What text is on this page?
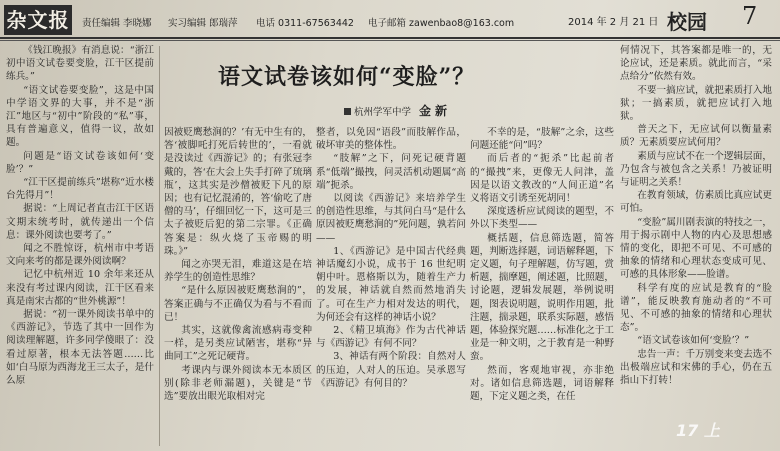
杂文报 责任编辑 李晓娜 实习编辑 郎瑞萍 电话 0311-67563442 电子邮箱 zawenbao8@163.com	2014 年 2 月 21 日 校园 7

《钱江晚报》有消息说：“浙江初中语文试卷要变脸，江干区提前练兵。”

“语文试卷要变脸”，这是中国中学语文界的大事，并不是“浙江”地区与“初中”阶段的“私”事，具有普遍意义，值得一议，故如题。

问题是“语文试卷该如何‘变脸’？”

“江干区提前练兵”堪称“近水楼台先得月”！

据说：“上周记者直击江干区语文期末统考时，就传递出一个信息：课外阅读也要考了。”

闻之不胜惊讶，杭州市中考语文向来考的都是课外阅读啊？

记忆中杭州近 10 余年来还从来没有考过课内阅读，江干区看来真是南宋古都的“世外桃源”！

据说：“初一课外阅读书单中的《西游记》，节选了其中一回作为阅读理解题，许多同学傻眼了：没看过原著，根本无法答题……比如‘白马原为西海龙王三太子，是什么原

语文试卷该如何“变脸”？
杭州学军中学 金新

因被贬鹰愁涧的？’有无中生有的，答‘被脚吒打死后转世的’，一看就是没读过《西游记》的；有张冠李戴的，答‘在大会上失手打碎了琉璃瓶’，这其实是沙僧被贬下凡的原因；也有记忆混淆的，答‘偷吃了唐僧的马’，仔细回忆一下，这可是三太子被贬后犯的第二宗罪。《正确答案是：纵火烧了玉帝赐的明珠。》”

闻之亦哭无泪，难道这是在培养学生的创造性思维？

“是什么原因被贬鹰愁涧的”，答案正确与不正确仅为看与不看而已！

其实，这就像禽流感病毒变种一样，是另类应试陋害，堪称“异曲同工”之死记硬背。

考课内与课外阅读本无本质区别(除非老师漏题)，关键是“节选”要放出眼光取相对完

整者，以免因“语段”而肢解作品，破坏审美的整体性。

“肢解”之下，问死记硬背题系“低端”撮拽，问灵活机动题属“高端”扼杀。

以阅读《西游记》来培养学生的创造性思维，与其问白马“是什么原因被贬鹰愁涧的”死问题，孰若问——

1、《西游记》是中国古代经典神话魔幻小说，成书于 16 世纪明朝中叶。恩格斯以为，随着生产力的发展，神话就自然而然地消失了。可在生产力相对发达的明代，为何还会有这样的神话小说？

2、《精卫填海》作为古代神话与《西游记》有何不同？

3、神话有两个阶段：自然对人的压迫，人对人的压迫。吴承恩写《西游记》有何目的？

不幸的是，“肢解”之余，这些问题还能“问”吗？

而后者的“扼杀”比起前者的“撮拽”来，更像无人问津，盖因是以语文教改的“人间正道”名义将语文引诱至死胡同！

深度透析应试阅读的题型，不外以下类型——

概括题，信息筛选题，简答题，判断选择题，词语解释题，下定义题，句子理解题，仿写题，赏析题，揣摩题，阐述题，比照题，讨论题，逻辑发展题，举例说明题，图表说明题，说明作用题，批注题，揣录题，联系实际题，感悟题，体验探究题……标准化之于工业是一种文明，之于教育是一种野蛮。

然而，客观地审视，亦非绝对。诸如信息筛选题，词语解释题，下定义题之类，在任

何情况下，其答案都是唯一的，无论应试，还是素质。就此而言，“采点给分”依然有效。

不要一搞应试，就把素质打入地狱；一搞素质，就把应试打入地狱。

普天之下，无应试何以衡量素质？无素质要应试何用？

素质与应试不在一个逻辑层面，乃包含与被包含之关系！乃被证明与证明之关系！

在教育领域，仿素质比真应试更可怕。

“变脸”属川剧表演的特技之一，用于揭示剧中人物的内心及思想感情的变化，即把不可见、不可感的抽象的情绪和心理状态变成可见、可感的具体形象——脸谱。

科学有度的应试是教育的“脸谱”，能反映教育施动者的“不可见、不可感的抽象的情绪和心理状态”。

“语文试卷该如何‘变脸’？”

忠告一声：千万别变来变去选不出极端应试和宋佛的手心，仍在五指山下打转！

17 上
